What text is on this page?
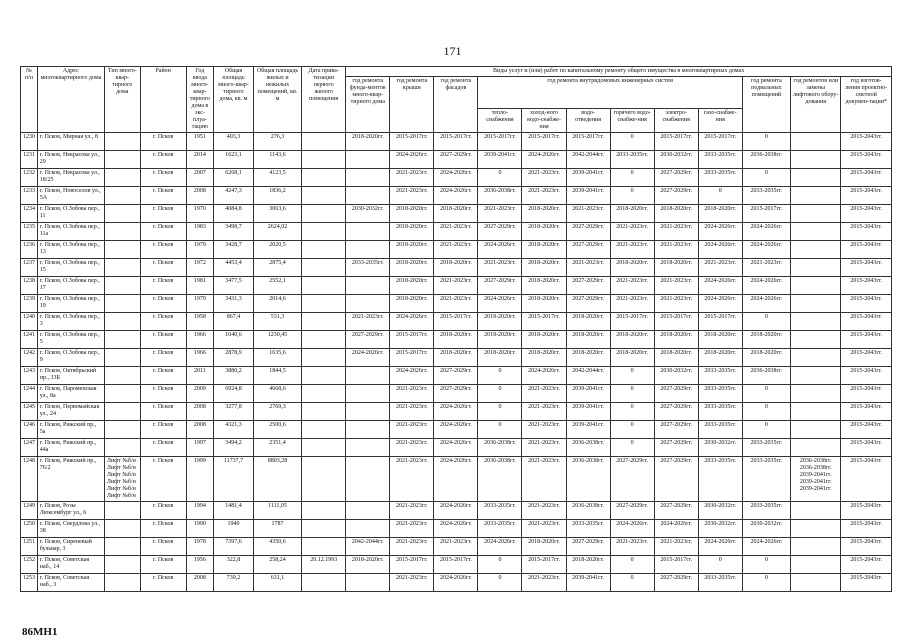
171
№ п/п	Адрес многоквартирного дома	Тип много-квар-тирного дома	Район	Год ввода много-квар-тирного дома в экс-плуа-тацию	Общая площадь много-квар-тирного дома, кв. м	Общая площадь жилых и нежилых помещений, кв. м	Дата прива-тизации первого жилого помещения	Виды услуг и (или) работ по капитальному ремонту общего имущества в многоквартирных домах											
								год ремонта фунда-ментов много-квар-тирного дома	год ремонта крыши	год ремонта фасадов	год ремонта внутридомовых инженерных систем						год ремонта подвальных помещений	год ремонтов или замены лифтового обору-дования	год изготов-ления проектно-сметной докумен-тации*
											тепло-снабжения	холод-ного водо-снабже-ния	водо-отведения	горячего водо-снабже-ния	электро-снабжения	газо-снабже-ния			
1230	г. Псков, Мирная ул., 8		г. Псков	1951	403,3	276,3		2018-2020гг.	2015-2017гг.	2015-2017гг.	2015-2017гг.	2015-2017гг.	2015-2017гг.	0	2015-2017гг.	2015-2017гг.	0		2015-2043гг.
1231	г. Псков, Некрасова ул., 29		г. Псков	2014	1623,1	1143,6			2024-2026гг.	2027-2029гг.	2039-2041гг.	2024-2026гг.	2042-2044гг.	2033-2035гг.	2030-2032гг.	2033-2035гг.	2036-2038гг.		2015-2043гг.
1232	г. Псков, Некрасова ул., 18/25		г. Псков	2007	6268,1	4123,5			2021-2023гг.	2024-2026гг.	0	2021-2023гг.	2039-2041гг.	0	2027-2029гг.	2033-2035гг.	0		2015-2043гг.
1233	г. Псков, Новоселов ул., 5А		г. Псков	2008	4247,3	1836,2			2021-2023гг.	2024-2026гг.	2036-2038гг.	2021-2023гг.	2039-2041гг.	0	2027-2029гг.	0	2033-2035гг.		2015-2043гг.
1234	г. Псков, О.Зобова пер., 11		г. Псков	1970	4084,8	3063,6		2030-2032гг.	2018-2020гг.	2018-2020гг.	2021-2023гг.	2018-2020гг.	2021-2023гг.	2018-2020гг.	2018-2020гг.	2018-2020гг.	2015-2017гг.		2015-2043гг.
1235	г. Псков, О.Зобова пер., 11а		г. Псков	1983	3498,7	2624,02			2018-2020гг.	2021-2023гг.	2027-2029гг.	2018-2020гг.	2027-2029гг.	2021-2023гг.	2021-2023гг.	2024-2026гг.	2024-2026гг.		2015-2043гг.
1236	г. Псков, О.Зобова пер., 13		г. Псков	1979	3428,7	2020,5			2018-2020гг.	2021-2023гг.	2024-2026гг.	2018-2020гг.	2027-2029гг.	2021-2023гг.	2021-2023гг.	2024-2026гг.	2024-2026гг.		2015-2043гг.
1237	г. Псков, О.Зобова пер., 15		г. Псков	1972	4453,4	2875,4		2033-2035гг.	2018-2020гг.	2018-2020гг.	2021-2023гг.	2018-2020гг.	2021-2023гг.	2018-2020гг.	2018-2020гг.	2021-2023гг.	2021-2023гг.		2015-2043гг.
1238	г. Псков, О.Зобова пер., 17		г. Псков	1981	3477,5	2552,1			2018-2020гг.	2021-2023гг.	2027-2029гг.	2018-2020гг.	2027-2029гг.	2021-2023гг.	2021-2023гг.	2024-2026гг.	2024-2026гг.		2015-2043гг.
1239	г. Псков, О.Зобова пер., 19		г. Псков	1979	3431,3	2014,6			2018-2020гг.	2021-2023гг.	2024-2026гг.	2018-2020гг.	2027-2029гг.	2021-2023гг.	2021-2023гг.	2024-2026гг.	2024-2026гг.		2015-2043гг.
1240	г. Псков, О.Зобова пер., 3		г. Псков	1958	867,4	531,3		2021-2023гг.	2024-2026гг.	2015-2017гг.	2018-2020гг.	2015-2017гг.	2018-2020гг.	2015-2017гг.	2015-2017гг.	2015-2017гг.	0		2015-2043гг.
1241	г. Псков, О.Зобова пер., 5		г. Псков	1966	1040,6	1230,45		2027-2029гг.	2015-2017гг.	2018-2020гг.	2018-2020гг.	2018-2020гг.	2018-2020гг.	2018-2020гг.	2018-2020гг.	2018-2020гг.	2018-2020гг.		2015-2043гг.
1242	г. Псков, О.Зобова пер., 9		г. Псков	1966	2878,9	1635,6		2024-2026гг.	2015-2017гг.	2018-2020гг.	2018-2020гг.	2018-2020гг.	2018-2020гг.	2018-2020гг.	2018-2020гг.	2018-2020гг.	2018-2020гг.		2015-2043гг.
1243	г. Псков, Октябрьский пр., 33Б		г. Псков	2011	3880,2	1844,5			2024-2026гг.	2027-2029гг.	0	2024-2026гг.	2042-2044гг.	0	2030-2032гг.	2033-2035гг.	2036-2038гг.		2015-2043гг.
1244	г. Псков, Пароменская ул., 8а		г. Псков	2009	6924,8	4668,6			2021-2023гг.	2027-2029гг.	0	2021-2023гг.	2039-2041гг.	0	2027-2029гг.	2033-2035гг.	0		2015-2043гг.
1245	г. Псков, Первомайская ул., 24		г. Псков	2008	3277,8	2769,3			2021-2023гг.	2024-2026гг.	0	2021-2023гг.	2039-2041гг.	0	2027-2029гг.	2033-2035гг.	0		2015-2043гг.
1246	г. Псков, Рижский пр., 5а		г. Псков	2008	4321,3	2500,6			2021-2023гг.	2024-2026гг.	0	2021-2023гг.	2039-2041гг.	0	2027-2029гг.	2033-2035гг.	0		2015-2043гг.
1247	г. Псков, Рижский пр., 44а		г. Псков	1997	3494,2	2351,4			2021-2023гг.	2024-2026гг.	2036-2038гг.	2021-2023гг.	2036-2038гг.	0	2027-2029гг.	2030-2032гг.	2033-2035гг.		2015-2043гг.
1248	г. Псков, Рижский пр., 76/2	Лифт №б/н Лифт №б/н Лифт №б/н Лифт №б/н Лифт №б/н Лифт №б/н	г. Псков	1999	11737,7	8803,28			2021-2023гг.	2024-2026гг.	2036-2038гг.	2021-2023гг.	2036-2038гг.	2027-2029гг.	2027-2029гг.	2033-2035гг.	2033-2035гг.	2036-2038гг. 2036-2038гг. 2039-2041гг. 2039-2041гг. 2039-2041гг.	2015-2043гг.
1249	г. Псков, Розы Люксембург ул., 6		г. Псков	1994	1481,4	1111,05			2021-2023гг.	2024-2026гг.	2033-2035гг.	2021-2023гг.	2036-2038гг.	2027-2029гг.	2027-2029гг.	2030-2032гг.	2033-2035гг.		2015-2043гг.
1250	г. Псков, Свердлова ул., 38		г. Псков	1990	1940	1787			2021-2023гг.	2024-2026гг.	2033-2035гг.	2021-2023гг.	2033-2035гг.	2024-2026гг.	2024-2026гг.	2030-2032гг.	2030-2032гг.		2015-2043гг.
1251	г. Псков, Сиреневый бульвар, 3		г. Псков	1978	7397,6	4350,6		2042-2044гг.	2021-2023гг.	2021-2023гг.	2024-2026гг.	2018-2020гг.	2027-2029гг.	2021-2023гг.	2021-2023гг.	2024-2026гг.	2024-2026гг.		2015-2043гг.
1252	г. Псков, Советская наб., 14		г. Псков	1956	322,8	258,24	20.12.1993	2018-2020гг.	2015-2017гг.	2015-2017гг.	0	2015-2017гг.	2018-2020гг.	0	2015-2017гг.	0	0		2015-2043гг.
1253	г. Псков, Советская наб., 3		г. Псков	2008	739,2	631,1			2021-2023гг.	2024-2026гг.	0	2021-2023гг.	2039-2041гг.	0	2027-2029гг.	2033-2035гг.	0		2015-2043гг.
86МН1
